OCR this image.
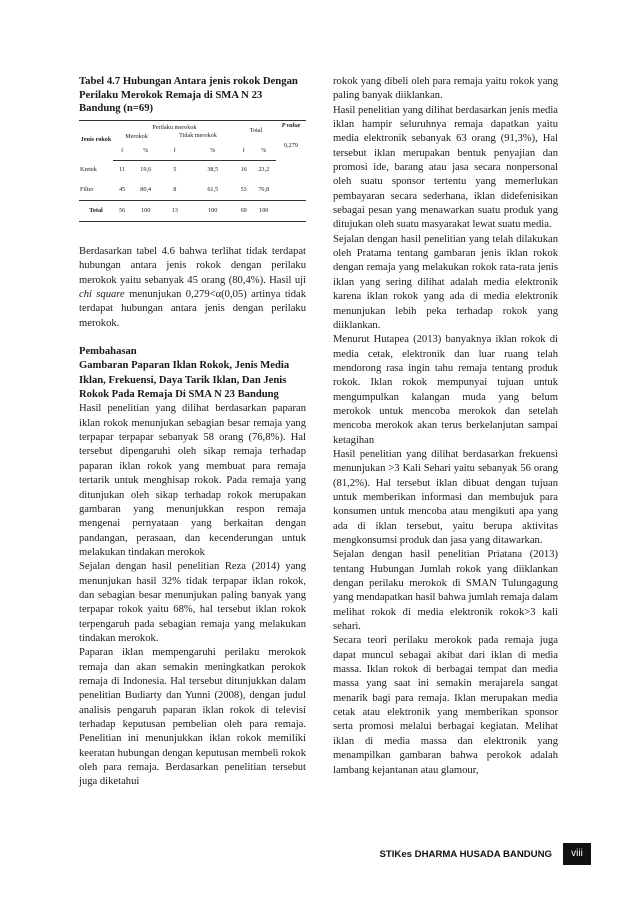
Tabel 4.7 Hubungan Antara jenis rokok Dengan Perilaku Merokok Remaja di SMA N 23 Bandung (n=69)
Jenis rokok	Perilaku merokok				Total		P value
	Merokok		Tidak merokok				0,279
	f	%	f	%	f	%	
Kretek	11	19,6	5	38,5	16	23,2	
Filter	45	80,4	8	61,5	53	76,8	
Total	56	100	13	100	69	100	

Berdasarkan tabel 4.6 bahwa terlihat tidak terdapat hubungan antara jenis rokok dengan perilaku merokok yaitu sebanyak 45 orang (80,4%). Hasil uji chi square menunjukan 0,279<α(0,05) artinya tidak terdapat hubungan antara jenis dengan perilaku merokok.

Pembahasan
Gambaran Paparan Iklan Rokok, Jenis Media Iklan, Frekuensi, Daya Tarik Iklan, Dan Jenis Rokok Pada Remaja Di SMA N 23 Bandung

Hasil penelitian yang dilihat berdasarkan paparan iklan rokok menunjukan sebagian besar remaja yang terpapar terpapar sebanyak 58 orang (76,8%). Hal tersebut dipengaruhi oleh sikap remaja terhadap paparan iklan rokok yang membuat para remaja tertarik untuk menghisap rokok. Pada remaja yang ditunjukan oleh sikap terhadap rokok merupakan gambaran yang menunjukkan respon remaja mengenai pernyataan yang berkaitan dengan pandangan, perasaan, dan kecenderungan untuk melakukan tindakan merokok

Sejalan dengan hasil penelitian Reza (2014) yang menunjukan hasil 32% tidak terpapar iklan rokok, dan sebagian besar menunjukan paling banyak yang terpapar rokok yaitu 68%, hal tersebut iklan rokok terpengaruh pada sebagian remaja yang melakukan tindakan merokok.

Paparan iklan mempengaruhi perilaku merokok remaja dan akan semakin meningkatkan perokok remaja di Indonesia. Hal tersebut ditunjukkan dalam penelitian Budiarty dan Yunni (2008), dengan judul analisis pengaruh paparan iklan rokok di televisi terhadap keputusan pembelian oleh para remaja. Penelitian ini menunjukkan iklan rokok memiliki keeratan hubungan dengan keputusan membeli rokok oleh para remaja. Berdasarkan penelitian tersebut juga diketahui

rokok yang dibeli oleh para remaja yaitu rokok yang paling banyak diiklankan.

Hasil penelitian yang dilihat berdasarkan jenis media iklan hampir seluruhnya remaja dapatkan yaitu media elektronik sebanyak 63 orang (91,3%), Hal tersebut iklan merupakan bentuk penyajian dan promosi ide, barang atau jasa secara nonpersonal oleh suatu sponsor tertentu yang memerlukan pembayaran secara sederhana, iklan didefenisikan sebagai pesan yang menawarkan suatu produk yang ditujukan oleh suatu masyarakat lewat suatu media.

Sejalan dengan hasil penelitian yang telah dilakukan oleh Pratama tentang gambaran jenis iklan rokok dengan remaja yang melakukan rokok rata-rata jenis iklan yang sering dilihat adalah media elektronik karena iklan rokok yang ada di media elektronik menunjukan lebih peka terhadap rokok yang diiklankan.

Menurut Hutapea (2013) banyaknya iklan rokok di media cetak, elektronik dan luar ruang telah mendorong rasa ingin tahu remaja tentang produk rokok. Iklan rokok mempunyai tujuan untuk mengumpulkan kalangan muda yang belum merokok untuk mencoba merokok dan setelah mencoba merokok akan terus berkelanjutan sampai ketagihan

Hasil penelitian yang dilihat berdasarkan frekuensi menunjukan >3 Kali Sehari yaitu sebanyak 56 orang (81,2%). Hal tersebut iklan dibuat dengan tujuan untuk memberikan informasi dan membujuk para konsumen untuk mencoba atau mengikuti apa yang ada di iklan tersebut, yaitu berupa aktivitas mengkonsumsi produk dan jasa yang ditawarkan.

Sejalan dengan hasil penelitian Priatana (2013) tentang Hubungan Jumlah rokok yang diiklankan dengan perilaku merokok di SMAN Tulungagung yang mendapatkan hasil bahwa jumlah remaja dalam melihat rokok di media elektronik rokok>3 kali sehari.

Secara teori perilaku merokok pada remaja juga dapat muncul sebagai akibat dari iklan di media massa. Iklan rokok di berbagai tempat dan media massa yang saat ini semakin merajarela sangat menarik bagi para remaja. Iklan merupakan media cetak atau elektronik yang memberikan sponsor serta promosi melalui berbagai kegiatan. Melihat iklan di media massa dan elektronik yang menampilkan gambaran bahwa perokok adalah lambang kejantanan atau glamour,

STIKes DHARMA HUSADA BANDUNG	viii
